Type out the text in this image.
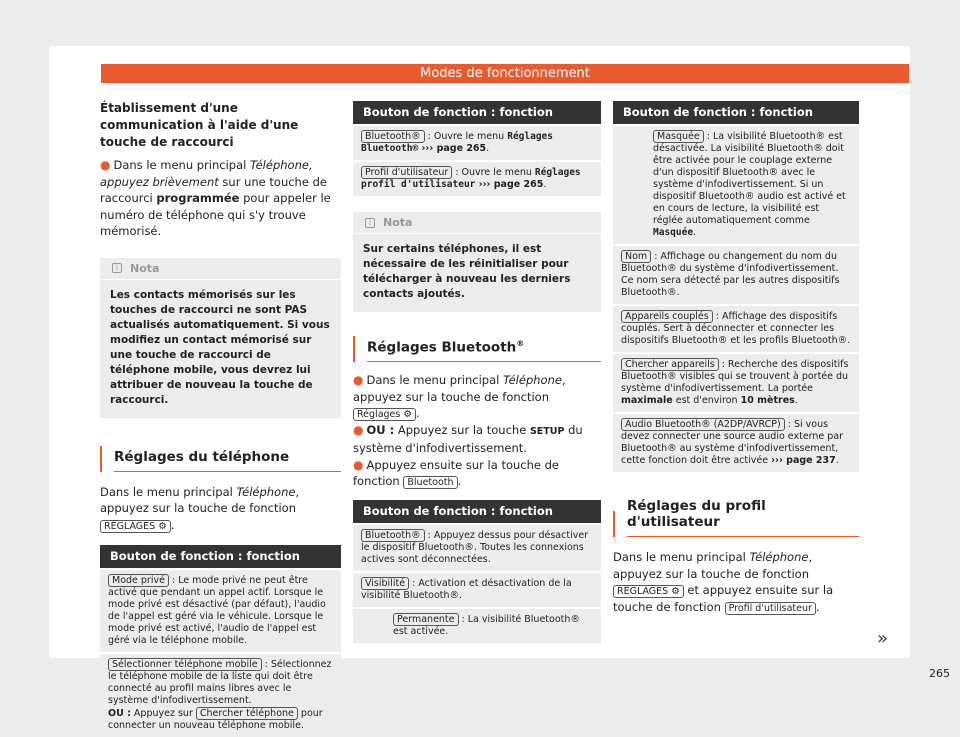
Modes de fonctionnement
Établissement d'une communication à l'aide d'une touche de raccourci

● Dans le menu principal Téléphone, appuyez brièvement sur une touche de raccourci programmée pour appeler le numéro de téléphone qui s'y trouve mémorisé.

i	Nota
Les contacts mémorisés sur les touches de raccourci ne sont PAS actualisés automatiquement. Si vous modifiez un contact mémorisé sur une touche de raccourci de téléphone mobile, vous devrez lui attribuer de nouveau la touche de raccourci.
Réglages du téléphone

Dans le menu principal Téléphone, appuyez sur la touche de fonction RÉGLAGES ⚙ .

Bouton de fonction : fonction
Mode privé : Le mode privé ne peut être activé que pendant un appel actif. Lorsque le mode privé est désactivé (par défaut), l'audio de l'appel est géré via le véhicule. Lorsque le mode privé est activé, l'audio de l'appel est géré via le téléphone mobile.
Sélectionner téléphone mobile : Sélectionnez le téléphone mobile de la liste qui doit être connecté au profil mains libres avec le système d'infodivertissement.
OU : Appuyez sur Chercher téléphone pour connecter un nouveau téléphone mobile.
Bouton de fonction : fonction
Bluetooth® : Ouvre le menu Réglages Bluetooth® ››› page 265.
Profil d'utilisateur : Ouvre le menu Réglages profil d'utilisateur ››› page 265.
i	Nota
Sur certains téléphones, il est nécessaire de les réinitialiser pour télécharger à nouveau les derniers contacts ajoutés.
Réglages Bluetooth®

● Dans le menu principal Téléphone, appuyez sur la touche de fonction Réglages ⚙ .

● OU : Appuyez sur la touche SETUP du système d'infodivertissement.

● Appuyez ensuite sur la touche de fonction Bluetooth .

Bouton de fonction : fonction
Bluetooth® : Appuyez dessus pour désactiver le dispositif Bluetooth®. Toutes les connexions actives sont déconnectées.
Visibilité : Activation et désactivation de la visibilité Bluetooth®.
Permanente : La visibilité Bluetooth® est activée.
Bouton de fonction : fonction
Masquée : La visibilité Bluetooth® est désactivée. La visibilité Bluetooth® doit être activée pour le couplage externe d'un dispositif Bluetooth® avec le système d'infodivertissement. Si un dispositif Bluetooth® audio est activé et en cours de lecture, la visibilité est réglée automatiquement comme Masquée.
Nom : Affichage ou changement du nom du Bluetooth® du système d'infodivertissement. Ce nom sera détecté par les autres dispositifs Bluetooth®.
Appareils couplés : Affichage des dispositifs couplés. Sert à déconnecter et connecter les dispositifs Bluetooth® et les profils Bluetooth®.
Chercher appareils : Recherche des dispositifs Bluetooth® visibles qui se trouvent à portée du système d'infodivertissement. La portée maximale est d'environ 10 mètres.
Audio Bluetooth® (A2DP/AVRCP) : Si vous devez connecter une source audio externe par Bluetooth® au système d'infodivertissement, cette fonction doit être activée ››› page 237.
Réglages du profil d'utilisateur

Dans le menu principal Téléphone, appuyez sur la touche de fonction RÉGLAGES ⚙ et appuyez ensuite sur la touche de fonction Profil d'utilisateur .

»
265
